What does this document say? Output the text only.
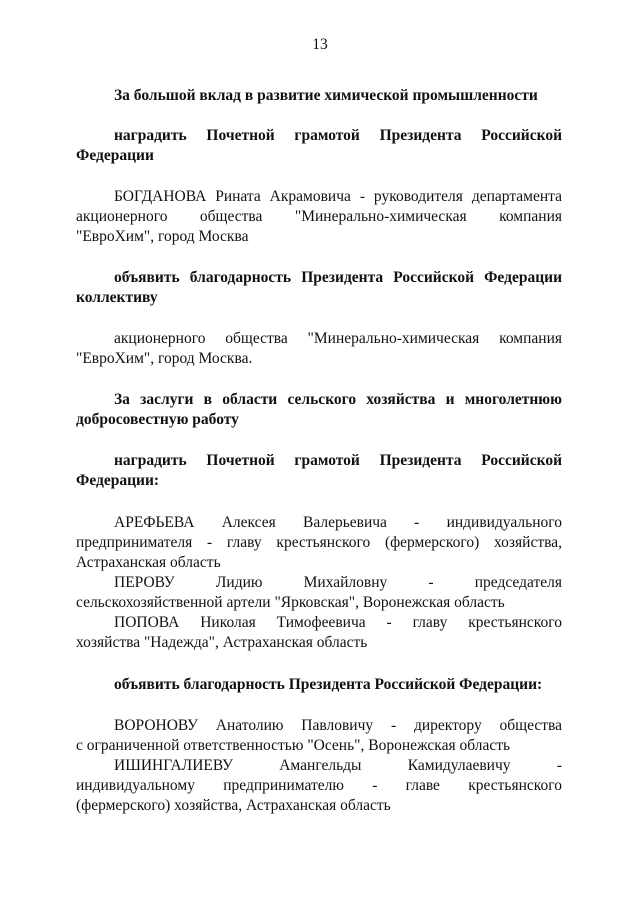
13
За большой вклад в развитие химической промышленности
наградить Почетной грамотой Президента Российской
Федерации
БОГДАНОВА Рината Акрамовича - руководителя департамента
акционерного общества "Минерально-химическая компания
"ЕвроХим", город Москва
объявить благодарность Президента Российской Федерации
коллективу
акционерного общества "Минерально-химическая компания
"ЕвроХим", город Москва.
За заслуги в области сельского хозяйства и многолетнюю
добросовестную работу
наградить Почетной грамотой Президента Российской
Федерации:
АРЕФЬЕВА Алексея Валерьевича - индивидуального
предпринимателя - главу крестьянского (фермерского) хозяйства,
Астраханская область
ПЕРОВУ Лидию Михайловну - председателя
сельскохозяйственной артели "Ярковская", Воронежская область
ПОПОВА Николая Тимофеевича - главу крестьянского
хозяйства "Надежда", Астраханская область
объявить благодарность Президента Российской Федерации:
ВОРОНОВУ Анатолию Павловичу - директору общества
с ограниченной ответственностью "Осень", Воронежская область
ИШИНГАЛИЕВУ Амангельды Камидулаевичу -
индивидуальному предпринимателю - главе крестьянского
(фермерского) хозяйства, Астраханская область
